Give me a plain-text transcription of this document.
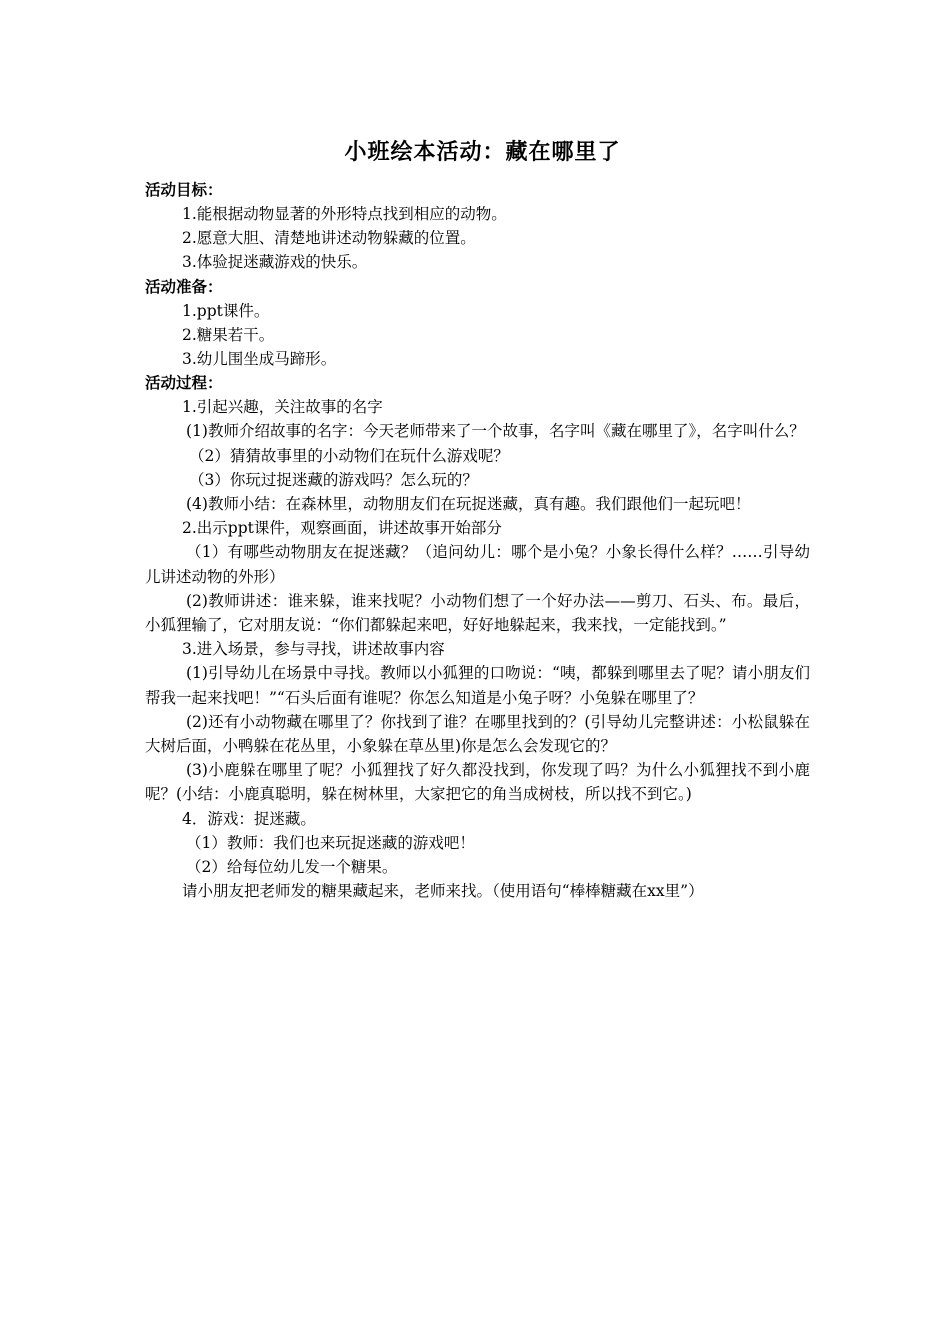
小班绘本活动：藏在哪里了
活动目标：

1.能根据动物显著的外形特点找到相应的动物。

2.愿意大胆、清楚地讲述动物躲藏的位置。

3.体验捉迷藏游戏的快乐。

活动准备：

1.ppt课件。

2.糖果若干。

3.幼儿围坐成马蹄形。

活动过程：

1.引起兴趣，关注故事的名字

(1)教师介绍故事的名字：今天老师带来了一个故事，名字叫《藏在哪里了》，名字叫什么？

（2）猜猜故事里的小动物们在玩什么游戏呢？

（3）你玩过捉迷藏的游戏吗？怎么玩的？

(4)教师小结：在森林里，动物朋友们在玩捉迷藏，真有趣。我们跟他们一起玩吧！

2.出示ppt课件，观察画面，讲述故事开始部分

（1）有哪些动物朋友在捉迷藏？（追问幼儿：哪个是小兔？小象长得什么样？……引导幼儿讲述动物的外形）

(2)教师讲述：谁来躲，谁来找呢？小动物们想了一个好办法——剪刀、石头、布。最后，小狐狸输了，它对朋友说：“你们都躲起来吧，好好地躲起来，我来找，一定能找到。”

3.进入场景，参与寻找，讲述故事内容

(1)引导幼儿在场景中寻找。教师以小狐狸的口吻说：“咦，都躲到哪里去了呢？请小朋友们帮我一起来找吧！”“石头后面有谁呢？你怎么知道是小兔子呀？小兔躲在哪里了？

(2)还有小动物藏在哪里了？你找到了谁？在哪里找到的？(引导幼儿完整讲述：小松鼠躲在大树后面，小鸭躲在花丛里，小象躲在草丛里)你是怎么会发现它的？

(3)小鹿躲在哪里了呢？小狐狸找了好久都没找到，你发现了吗？为什么小狐狸找不到小鹿呢？(小结：小鹿真聪明，躲在树林里，大家把它的角当成树枝，所以找不到它。)

4．游戏：捉迷藏。

（1）教师：我们也来玩捉迷藏的游戏吧！

（2）给每位幼儿发一个糖果。

请小朋友把老师发的糖果藏起来，老师来找。（使用语句“棒棒糖藏在xx里”）
